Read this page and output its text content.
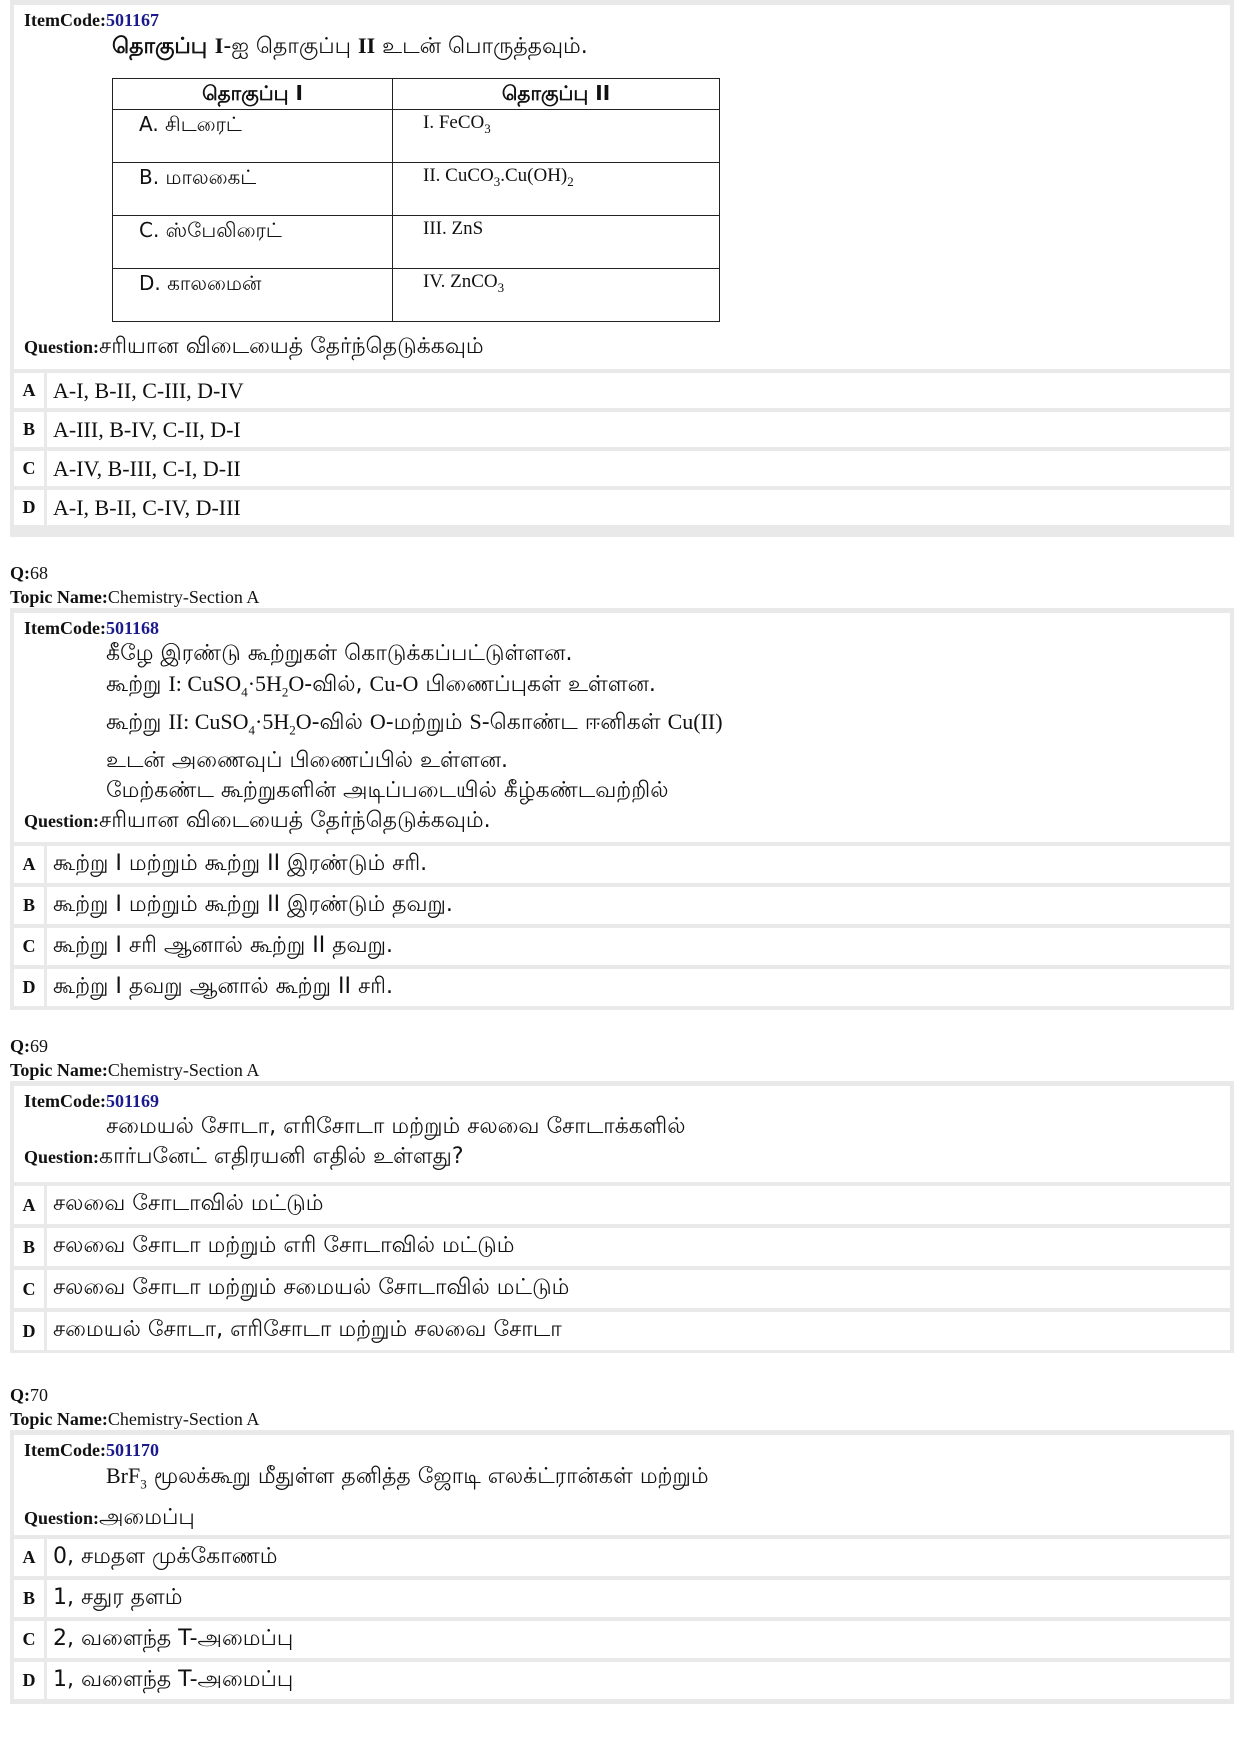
ItemCode:501167
தொகுப்பு I-ஐ தொகுப்பு II உடன் பொருத்தவும்.
தொகுப்பு I	தொகுப்பு II
A. சிடரைட்	I. FeCO$_3$
B. மாலகைட்	II. $CuCO_3.Cu(OH)_2$
C. ஸ்பேலிரைட்	III. ZnS
D. காலமைன்	IV. ZnCO$_3$
Question:சரியான விடையைத் தேர்ந்தெடுக்கவும்
A A-I, B-II, C-III, D-IV
B A-III, B-IV, C-II, D-I
C A-IV, B-III, C-I, D-II
D A-I, B-II, C-IV, D-III
Q:68
Topic Name:Chemistry-Section A
ItemCode:501168
கீழே இரண்டு கூற்றுகள் கொடுக்கப்பட்டுள்ளன.
கூற்று I: $CuSO_4\cdot 5H_2O-வில்$, Cu-O பிணைப்புகள் உள்ளன.
கூற்று II: $CuSO_4\cdot 5H_2O-வில்$ O-மற்றும் S-கொண்ட ஈனிகள் Cu(II)
உடன் அணைவுப் பிணைப்பில் உள்ளன.
மேற்கண்ட கூற்றுகளின் அடிப்படையில் கீழ்கண்டவற்றில்
Question:சரியான விடையைத் தேர்ந்தெடுக்கவும்.
A கூற்று I மற்றும் கூற்று II இரண்டும் சரி.
B கூற்று I மற்றும் கூற்று II இரண்டும் தவறு.
C கூற்று I சரி ஆனால் கூற்று II தவறு.
D கூற்று I தவறு ஆனால் கூற்று II சரி.
Q:69
Topic Name:Chemistry-Section A
ItemCode:501169
சமையல் சோடா, எரிசோடா மற்றும் சலவை சோடாக்களில்
Question:கார்பனேட் எதிரயனி எதில் உள்ளது?
A சலவை சோடாவில் மட்டும்
B சலவை சோடா மற்றும் எரி சோடாவில் மட்டும்
C சலவை சோடா மற்றும் சமையல் சோடாவில் மட்டும்
D சமையல் சோடா, எரிசோடா மற்றும் சலவை சோடா
Q:70
Topic Name:Chemistry-Section A
ItemCode:501170
BrF$_3$ மூலக்கூறு மீதுள்ள தனித்த ஜோடி எலக்ட்ரான்கள் மற்றும்
Question:அமைப்பு
A 0, சமதள முக்கோணம்
B 1, சதுர தளம்
C 2, வளைந்த T-அமைப்பு
D 1, வளைந்த T-அமைப்பு
